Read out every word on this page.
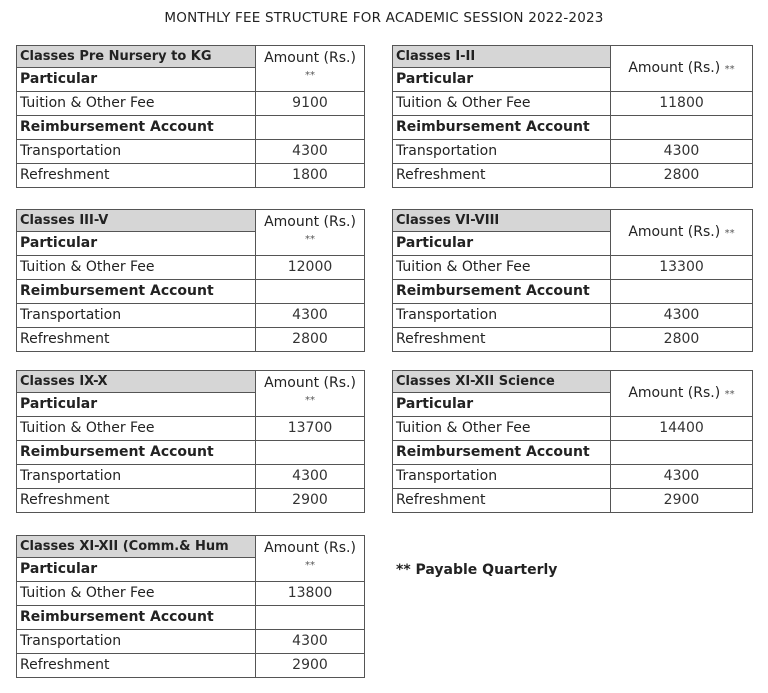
MONTHLY FEE STRUCTURE FOR ACADEMIC SESSION 2022-2023
Classes Pre Nursery to KG	Amount (Rs.)
**
Particular	
Tuition & Other Fee	9100
Reimbursement Account	
Transportation	4300
Refreshment	1800
Classes I-II	Amount (Rs.) **
Particular	
Tuition & Other Fee	11800
Reimbursement Account	
Transportation	4300
Refreshment	2800
Classes III-V	Amount (Rs.)
**
Particular	
Tuition & Other Fee	12000
Reimbursement Account	
Transportation	4300
Refreshment	2800
Classes VI-VIII	Amount (Rs.) **
Particular	
Tuition & Other Fee	13300
Reimbursement Account	
Transportation	4300
Refreshment	2800
Classes IX-X	Amount (Rs.)
**
Particular	
Tuition & Other Fee	13700
Reimbursement Account	
Transportation	4300
Refreshment	2900
Classes XI-XII Science	Amount (Rs.) **
Particular	
Tuition & Other Fee	14400
Reimbursement Account	
Transportation	4300
Refreshment	2900
Classes XI-XII (Comm.& Hum	Amount (Rs.)
**
Particular	
Tuition & Other Fee	13800
Reimbursement Account	
Transportation	4300
Refreshment	2900
** Payable Quarterly
